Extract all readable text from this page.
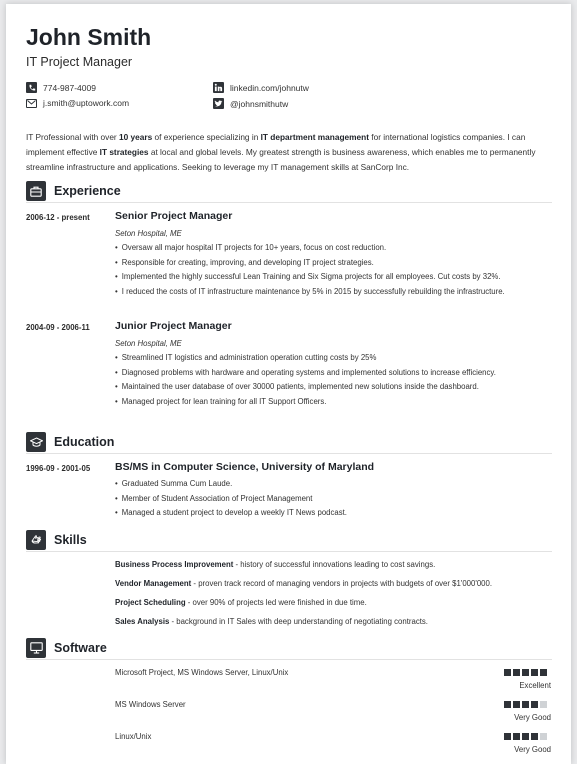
John Smith
IT Project Manager
774-987-4009
j.smith@uptowork.com
linkedin.com/johnutw
@johnsmithutw
IT Professional with over 10 years of experience specializing in IT department management for international logistics companies. I can implement effective IT strategies at local and global levels. My greatest strength is business awareness, which enables me to permanently streamline infrastructure and applications. Seeking to leverage my IT management skills at SanCorp Inc.
Experience
2006-12 - present Senior Project Manager
Seton Hospital, ME
• Oversaw all major hospital IT projects for 10+ years, focus on cost reduction.
• Responsible for creating, improving, and developing IT project strategies.
• Implemented the highly successful Lean Training and Six Sigma projects for all employees. Cut costs by 32%.
• I reduced the costs of IT infrastructure maintenance by 5% in 2015 by successfully rebuilding the infrastructure.
2004-09 - 2006-11 Junior Project Manager
Seton Hospital, ME
• Streamlined IT logistics and administration operation cutting costs by 25%
• Diagnosed problems with hardware and operating systems and implemented solutions to increase efficiency.
• Maintained the user database of over 30000 patients, implemented new solutions inside the dashboard.
• Managed project for lean training for all IT Support Officers.
Education
1996-09 - 2001-05 BS/MS in Computer Science, University of Maryland
• Graduated Summa Cum Laude.
• Member of Student Association of Project Management
• Managed a student project to develop a weekly IT News podcast.
Skills
Business Process Improvement - history of successful innovations leading to cost savings.
Vendor Management - proven track record of managing vendors in projects with budgets of over $1'000'000.
Project Scheduling - over 90% of projects led were finished in due time.
Sales Analysis - background in IT Sales with deep understanding of negotiating contracts.
Software
Microsoft Project, MS Windows Server, Linux/Unix
Excellent
MS Windows Server
Very Good
Linux/Unix
Very Good
